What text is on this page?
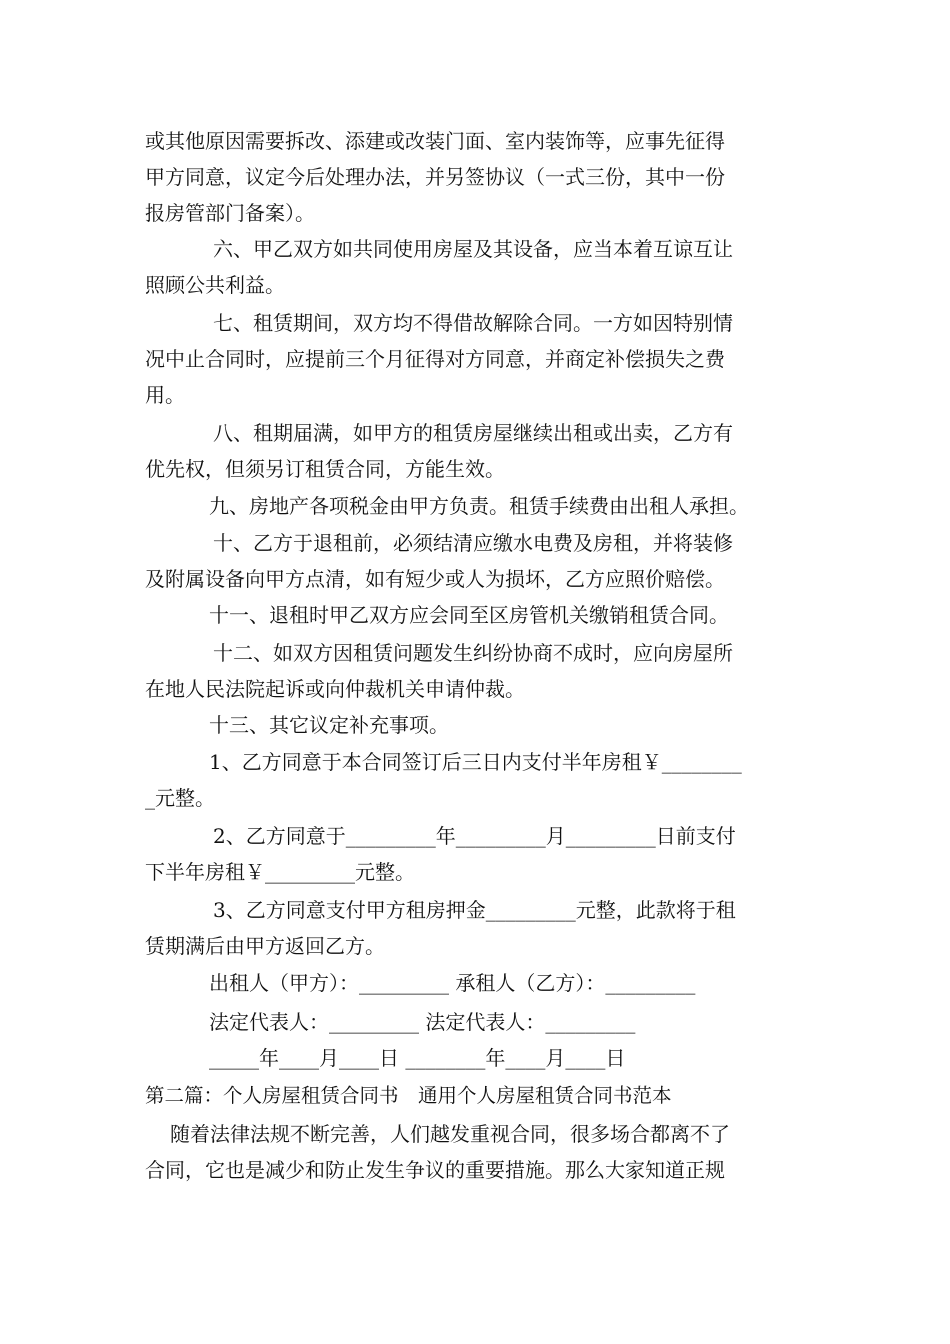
或其他原因需要拆改、添建或改装门面、室内装饰等，应事先征得
甲方同意，议定今后处理办法，并另签协议（一式三份，其中一份
报房管部门备案）。
六、甲乙双方如共同使用房屋及其设备，应当本着互谅互让
照顾公共利益。
七、租赁期间，双方均不得借故解除合同。一方如因特别情
况中止合同时，应提前三个月征得对方同意，并商定补偿损失之费
用。
八、租期届满，如甲方的租赁房屋继续出租或出卖，乙方有
优先权，但须另订租赁合同，方能生效。
九、房地产各项税金由甲方负责。租赁手续费由出租人承担。
十、乙方于退租前，必须结清应缴水电费及房租，并将装修
及附属设备向甲方点清，如有短少或人为损坏，乙方应照价赔偿。
十一、退租时甲乙双方应会同至区房管机关缴销租赁合同。
十二、如双方因租赁问题发生纠纷协商不成时，应向房屋所
在地人民法院起诉或向仲裁机关申请仲裁。
十三、其它议定补充事项。
1、乙方同意于本合同签订后三日内支付半年房租￥________
_元整。
2、乙方同意于_________年_________月_________日前支付
下半年房租￥_________元整。
3、乙方同意支付甲方租房押金_________元整，此款将于租
赁期满后由甲方返回乙方。
出租人（甲方）：_________ 承租人（乙方）：_________
法定代表人：_________ 法定代表人：_________
_____年____月____日 ________年____月____日
第二篇：个人房屋租赁合同书　通用个人房屋租赁合同书范本
随着法律法规不断完善，人们越发重视合同，很多场合都离不了
合同，它也是减少和防止发生争议的重要措施。那么大家知道正规
